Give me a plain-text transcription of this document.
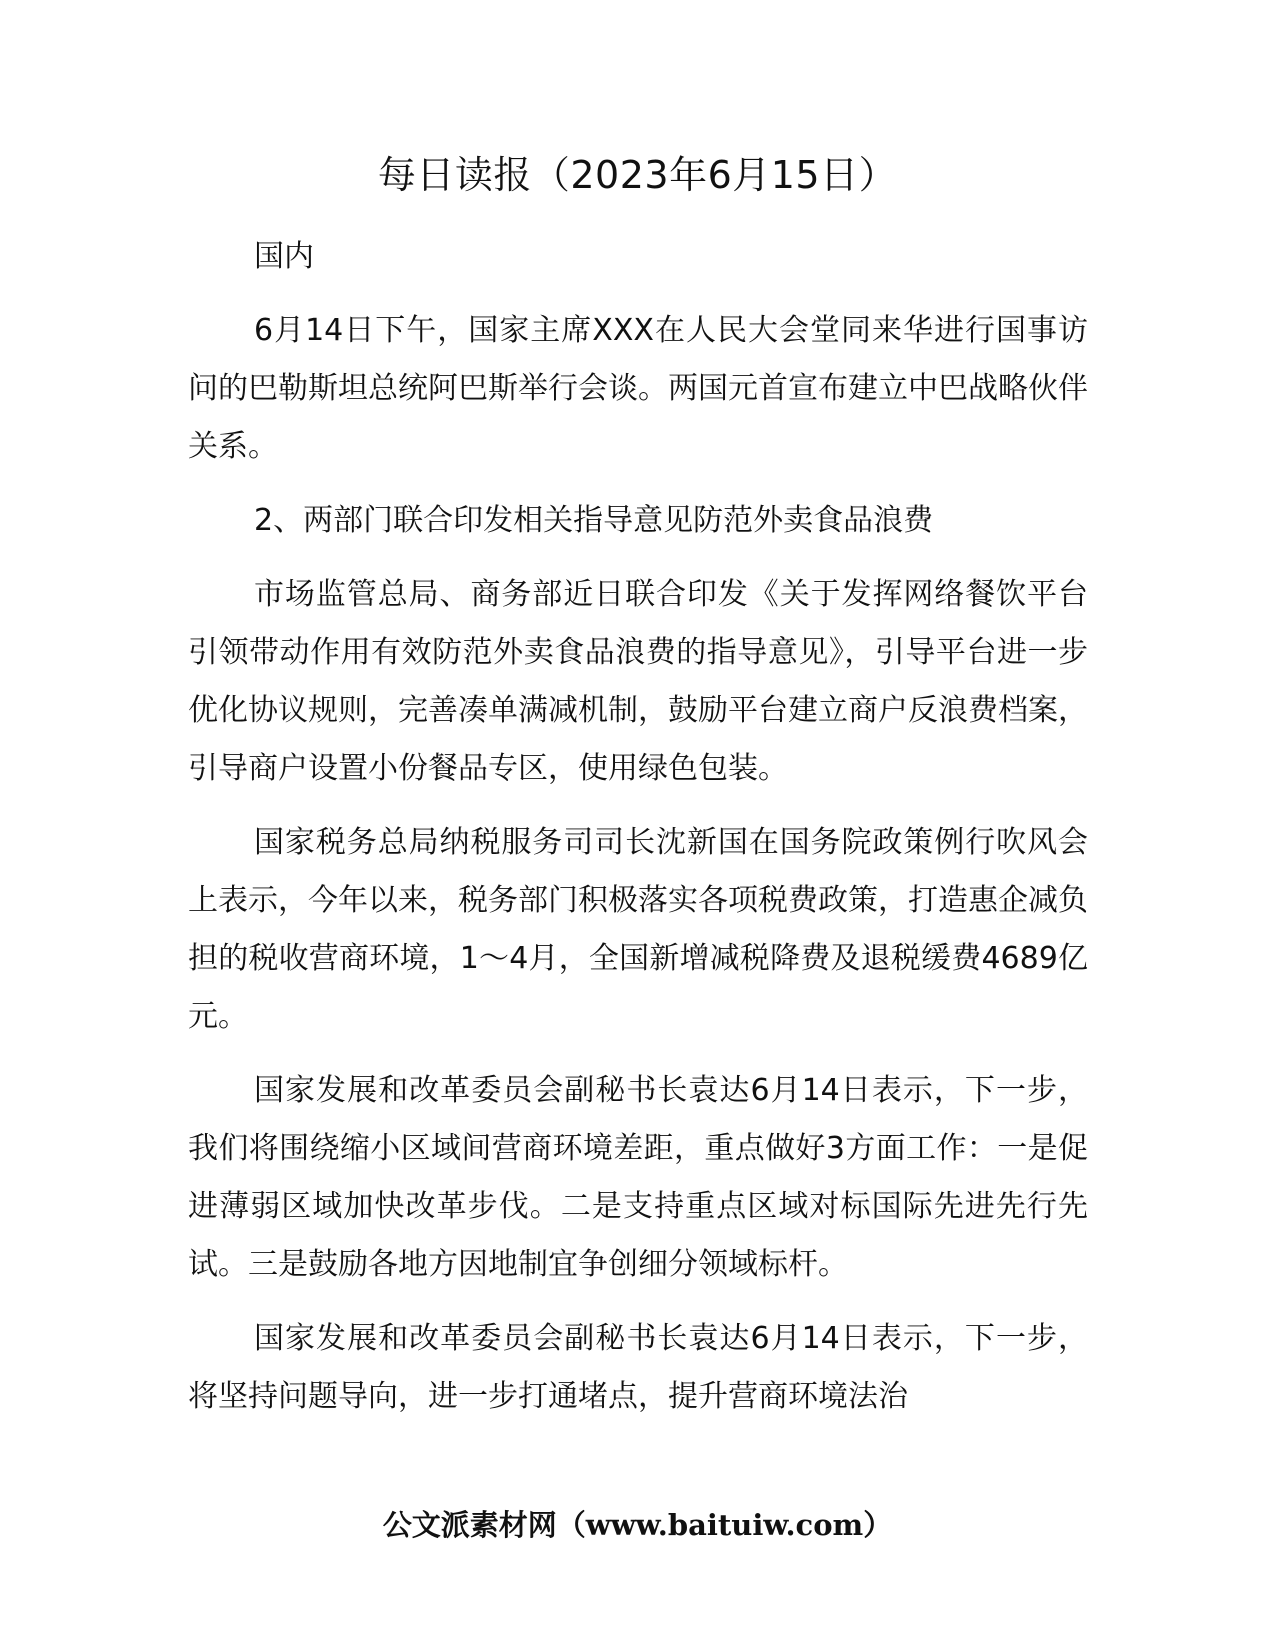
每日读报（2023年6月15日）

国内

6月14日下午，国家主席XXX在人民大会堂同来华进行国事访问的巴勒斯坦总统阿巴斯举行会谈。两国元首宣布建立中巴战略伙伴关系。

2、两部门联合印发相关指导意见防范外卖食品浪费

市场监管总局、商务部近日联合印发《关于发挥网络餐饮平台引领带动作用有效防范外卖食品浪费的指导意见》，引导平台进一步优化协议规则，完善凑单满减机制，鼓励平台建立商户反浪费档案，引导商户设置小份餐品专区，使用绿色包装。

国家税务总局纳税服务司司长沈新国在国务院政策例行吹风会上表示，今年以来，税务部门积极落实各项税费政策，打造惠企减负担的税收营商环境，1～4月，全国新增减税降费及退税缓费4689亿元。

国家发展和改革委员会副秘书长袁达6月14日表示，下一步，我们将围绕缩小区域间营商环境差距，重点做好3方面工作：一是促进薄弱区域加快改革步伐。二是支持重点区域对标国际先进先行先试。三是鼓励各地方因地制宜争创细分领域标杆。

国家发展和改革委员会副秘书长袁达6月14日表示，下一步，将坚持问题导向，进一步打通堵点，提升营商环境法治

公文派素材网（www.baituiw.com）
